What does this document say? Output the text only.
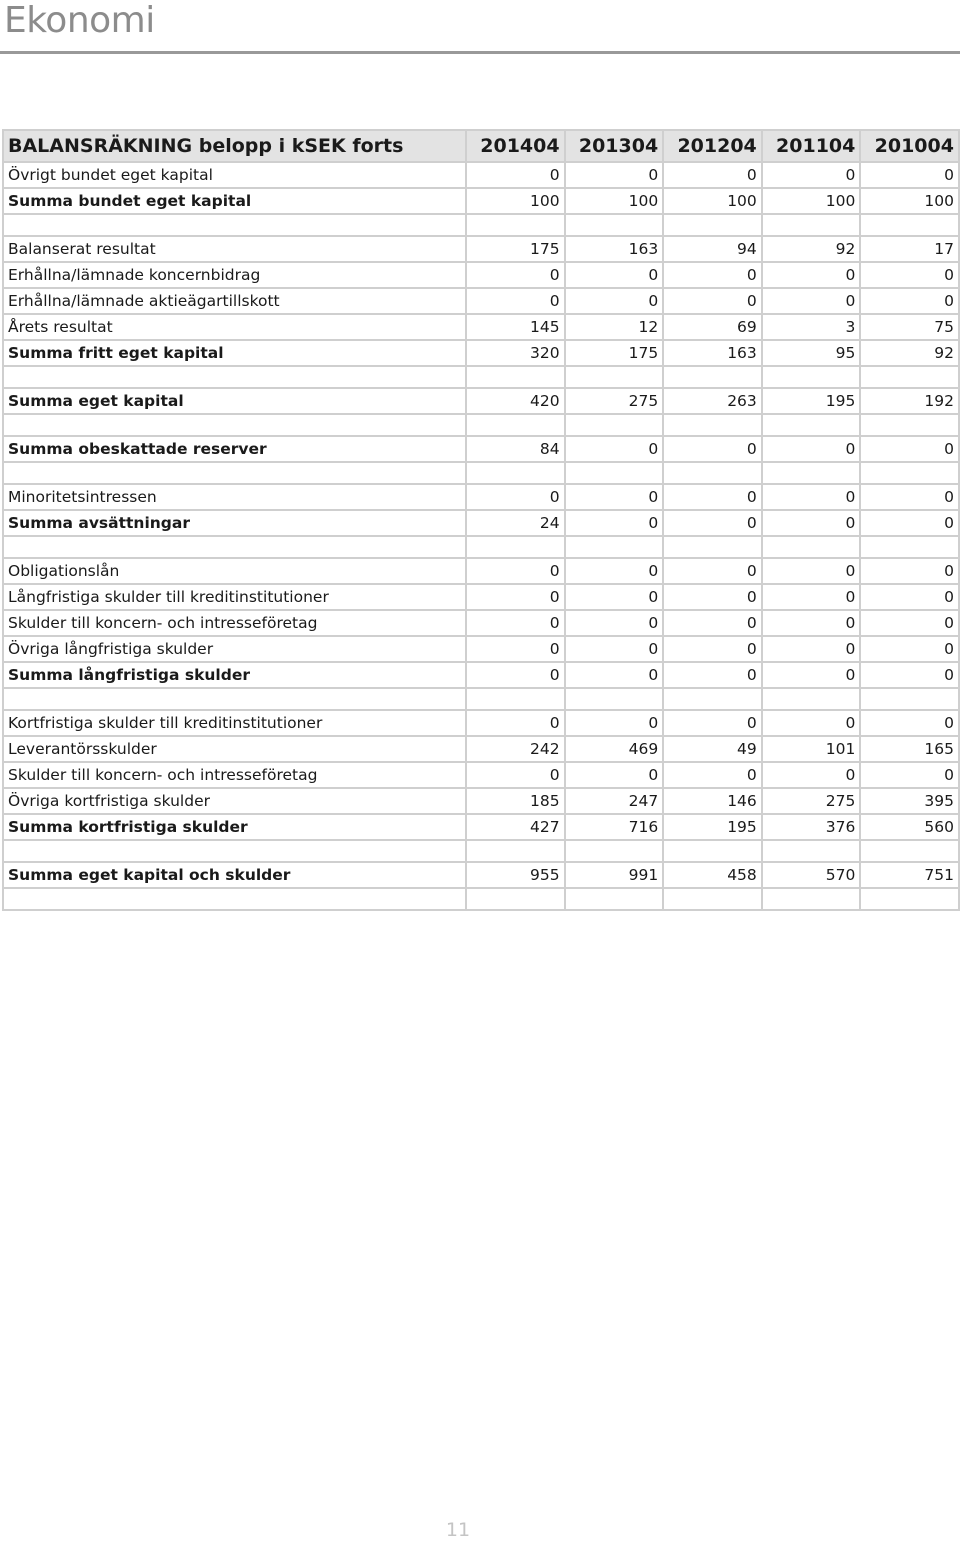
Ekonomi
BALANSRÄKNING belopp i kSEK forts	201404	201304	201204	201104	201004
Övrigt bundet eget kapital	0	0	0	0	0
Summa bundet eget kapital	100	100	100	100	100

Balanserat resultat	175	163	94	92	17
Erhållna/lämnade koncernbidrag	0	0	0	0	0
Erhållna/lämnade aktieägartillskott	0	0	0	0	0
Årets resultat	145	12	69	3	75
Summa fritt eget kapital	320	175	163	95	92

Summa eget kapital	420	275	263	195	192

Summa obeskattade reserver	84	0	0	0	0

Minoritetsintressen	0	0	0	0	0
Summa avsättningar	24	0	0	0	0

Obligationslån	0	0	0	0	0
Långfristiga skulder till kreditinstitutioner	0	0	0	0	0
Skulder till koncern- och intresseföretag	0	0	0	0	0
Övriga långfristiga skulder	0	0	0	0	0
Summa långfristiga skulder	0	0	0	0	0

Kortfristiga skulder till kreditinstitutioner	0	0	0	0	0
Leverantörsskulder	242	469	49	101	165
Skulder till koncern- och intresseföretag	0	0	0	0	0
Övriga kortfristiga skulder	185	247	146	275	395
Summa kortfristiga skulder	427	716	195	376	560

Summa eget kapital och skulder	955	991	458	570	751

11
